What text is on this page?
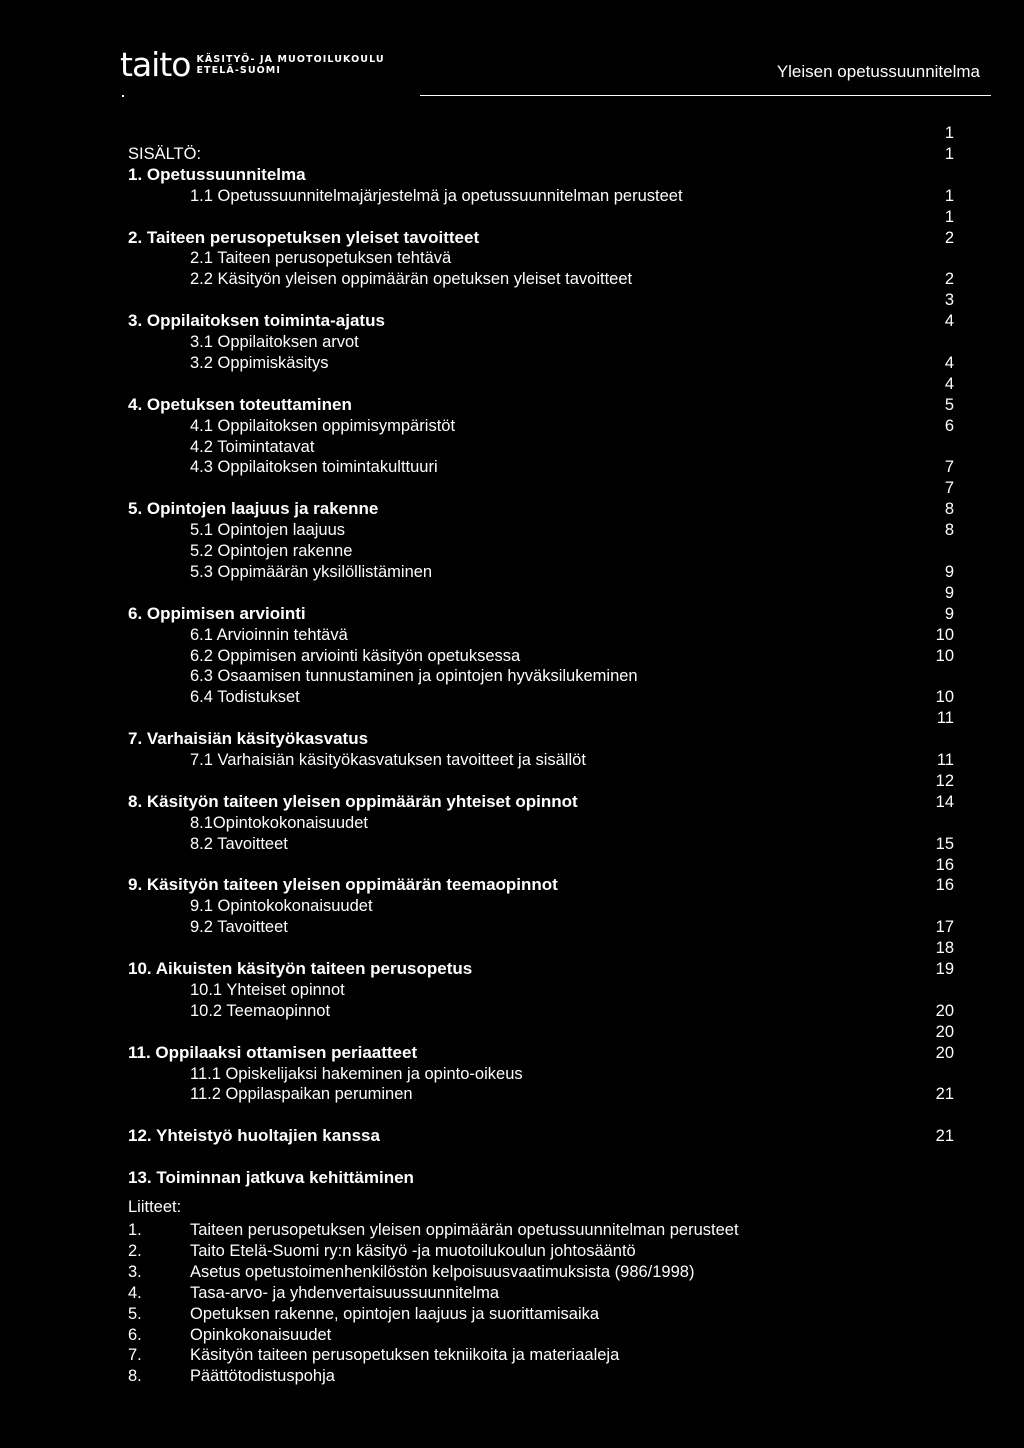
taito KÄSITYÖ- JA MUOTOILUKOULU
ETELÄ-SUOMI	Yleisen opetussuunnitelma
1
SISÄLTÖ:	1
1. Opetussuunnitelma
1.1 Opetussuunnitelmajärjestelmä ja opetussuunnitelman perusteet	1
1
2. Taiteen perusopetuksen yleiset tavoitteet	2
2.1 Taiteen perusopetuksen tehtävä
2.2 Käsityön yleisen oppimäärän opetuksen yleiset tavoitteet	2
3
3. Oppilaitoksen toiminta-ajatus	4
3.1 Oppilaitoksen arvot
3.2 Oppimiskäsitys	4
4
4. Opetuksen toteuttaminen	5
4.1 Oppilaitoksen oppimisympäristöt	6
4.2 Toimintatavat
4.3 Oppilaitoksen toimintakulttuuri	7
7
5. Opintojen laajuus ja rakenne	8
5.1 Opintojen laajuus	8
5.2 Opintojen rakenne
5.3 Oppimäärän yksilöllistäminen	9
9
6. Oppimisen arviointi	9
6.1 Arvioinnin tehtävä	10
6.2 Oppimisen arviointi käsityön opetuksessa	10
6.3 Osaamisen tunnustaminen ja opintojen hyväksilukeminen
6.4 Todistukset	10
11
7. Varhaisiän käsityökasvatus
7.1 Varhaisiän käsityökasvatuksen tavoitteet ja sisällöt	11
12
8. Käsityön taiteen yleisen oppimäärän yhteiset opinnot	14
8.1Opintokokonaisuudet
8.2 Tavoitteet	15
16
9. Käsityön taiteen yleisen oppimäärän teemaopinnot	16
9.1 Opintokokonaisuudet
9.2 Tavoitteet	17
18
10. Aikuisten käsityön taiteen perusopetus	19
10.1 Yhteiset opinnot
10.2 Teemaopinnot	20
20
11. Oppilaaksi ottamisen periaatteet	20
11.1 Opiskelijaksi hakeminen ja opinto-oikeus
11.2 Oppilaspaikan peruminen	21
12. Yhteistyö huoltajien kanssa	21
13. Toiminnan jatkuva kehittäminen
Liitteet:
1.	Taiteen perusopetuksen yleisen oppimäärän opetussuunnitelman perusteet
2.	Taito Etelä-Suomi ry:n käsityö -ja muotoilukoulun johtosääntö
3.	Asetus opetustoimenhenkilöstön kelpoisuusvaatimuksista (986/1998)
4.	Tasa-arvo- ja yhdenvertaisuussuunnitelma
5.	Opetuksen rakenne, opintojen laajuus ja suorittamisaika
6.	Opinkokonaisuudet
7.	Käsityön taiteen perusopetuksen tekniikoita ja materiaaleja
8.	Päättötodistuspohja
